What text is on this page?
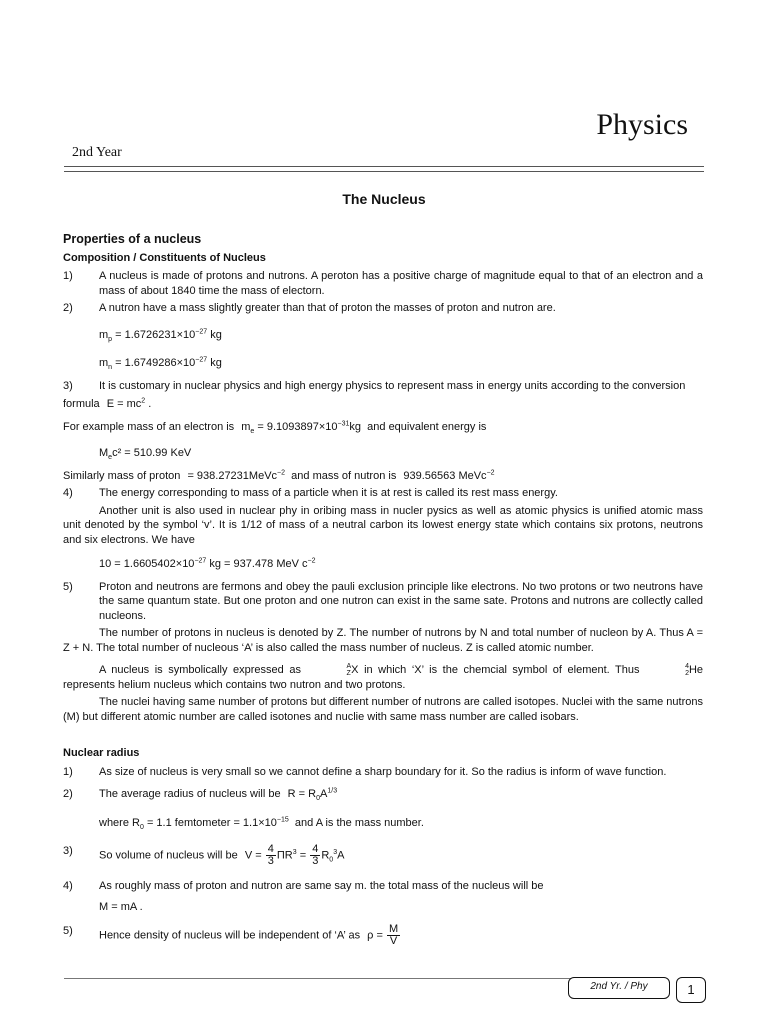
Physics
2nd Year
The Nucleus
Properties of a nucleus
Composition / Constituents of Nucleus
1)	A nucleus is made of protons and nutrons. A peroton has a positive charge of magnitude equal to that of an electron and a mass of about 1840 time the mass of electorn.
2)	A nutron have a mass slightly greater than that of proton the masses of proton and nutron are.
$m_p = 1.6726231\times 10^{-27}$ kg
$m_n = 1.6749286\times 10^{-27}$ kg
3)	It is customary in nuclear physics and high energy physics to represent mass in energy units according to the conversion

formula $E = mc^2$ .

For example mass of an electron is $m_e = 9.1093897\times 10^{-31}kg$ and equivalent energy is

$M_ec^2 = 510.99$ KeV

Similarly mass of proton = 938.27231MeVc$^{-2}$ and mass of nutron is 939.56563 MeVc$^{-2}$

4)	The energy corresponding to mass of a particle when it is at rest is called its rest mass energy.

Another unit is also used in nuclear phy in oribing mass in nucler pysics as well as atomic physics is unified atomic mass unit denoted by the symbol ‘v’. It is 1/12 of mass of a neutral carbon its lowest energy state which contains six protons, neutrons and six electrons. We have

$10 = 1.6605402\times 10^{-27}$ kg = 937.478 MeV $c^{-2}$
5)	Proton and neutrons are fermons and obey the pauli exclusion principle like electrons. No two protons or two neutrons have the same quantum state. But one proton and one nutron can exist in the same sate. Protons and nutrons are collectly called nucleons.

The number of protons in nucleus is denoted by Z. The number of nutrons by N and total number of nucleon by A. Thus A = Z + N. The total number of nucleous ‘A’ is also called the mass number of nucleus. Z is called atomic number.

A nucleus is symbolically expressed as	A
ZX in which ‘X’ is the chemcial symbol of element. Thus	4
2He represents helium nucleus which contains two nutron and two protons.

The nuclei having same number of protons but different number of nutrons are called isotopes. Nuclei with the same nutrons (M) but different atomic number are called isotones and nuclie with same mass number are called isobars.

Nuclear radius
1)	As size of nucleus is very small so we cannot define a sharp boundary for it. So the radius is inform of wave function.
2)	The average radius of nucleus will be $R = R_0A^{1/3}$
where $R_0 = 1.1$ femtometer = $1.1\times 10^{-15}$ and A is the mass number.
3)	So volume of nucleus will be $V = \frac{4}{3} \Pi R^3 = \frac{4}{3} R_0^3A$
4)	As roughly mass of proton and nutron are same say m. the total mass of the nucleus will be
M = mA .
5)	Hence density of nucleus will be independent of ‘A’ as $\rho = \frac{M}{V}$
2nd Yr. / Phy	1
